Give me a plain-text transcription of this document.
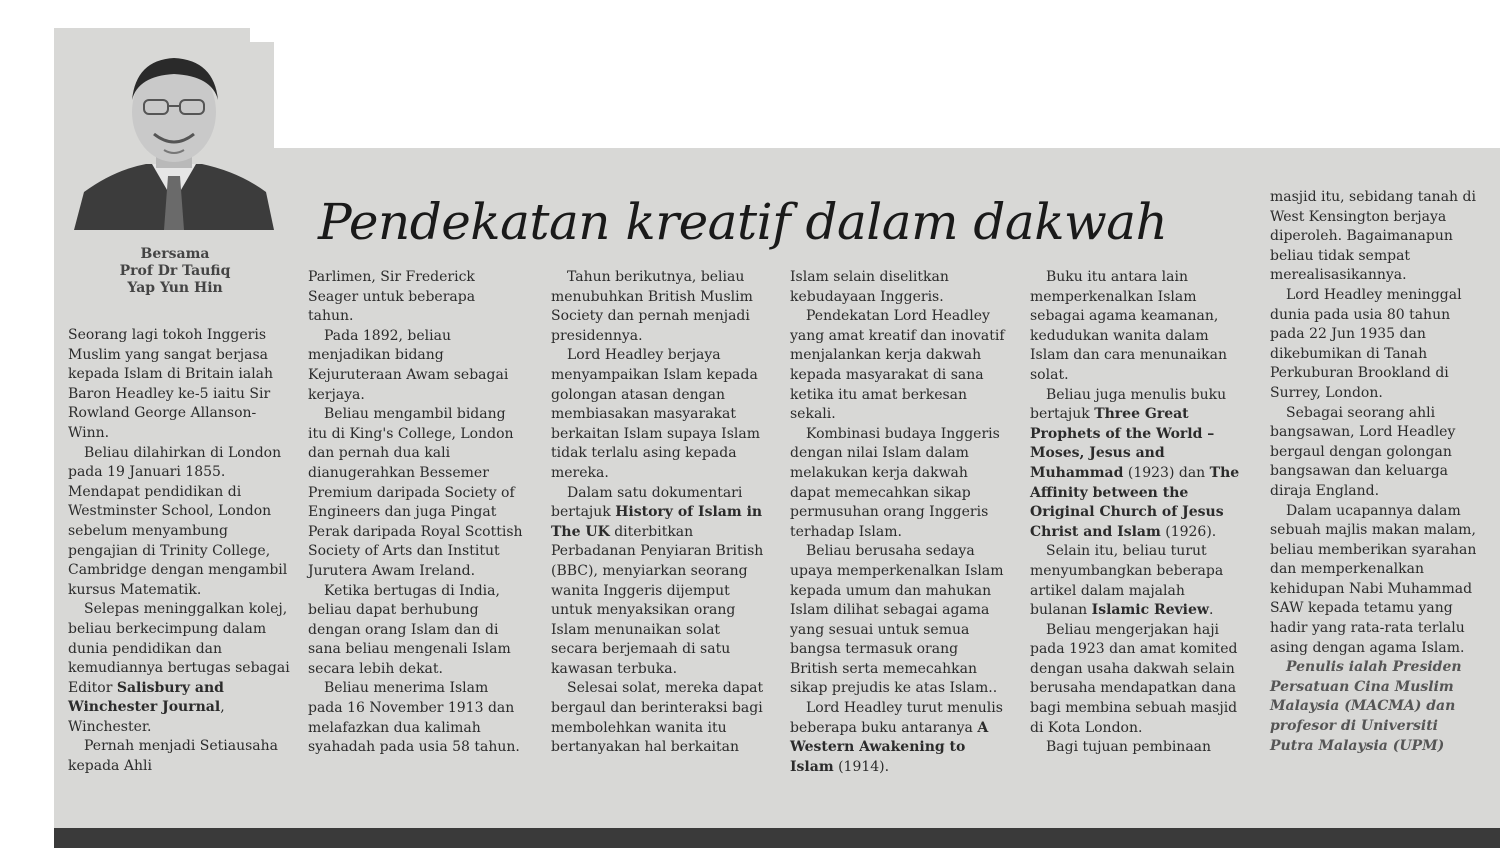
Bersama
Prof Dr Taufiq
Yap Yun Hin
Pendekatan kreatif dalam dakwah

Seorang lagi tokoh Inggeris Muslim yang sangat berjasa kepada Islam di Britain ialah Baron Headley ke-5 iaitu Sir Rowland George Allanson-Winn.

Beliau dilahirkan di London pada 19 Januari 1855. Mendapat pendidikan di Westminster School, London sebelum menyambung pengajian di Trinity College, Cambridge dengan mengambil kursus Matematik.

Selepas meninggalkan kolej, beliau berkecimpung dalam dunia pendidikan dan kemudiannya bertugas sebagai Editor Salisbury and Winchester Journal, Winchester.

Pernah menjadi Setiausaha kepada Ahli

Parlimen, Sir Frederick Seager untuk beberapa tahun.

Pada 1892, beliau menjadikan bidang Kejuruteraan Awam sebagai kerjaya.

Beliau mengambil bidang itu di King's College, London dan pernah dua kali dianugerahkan Bessemer Premium daripada Society of Engineers dan juga Pingat Perak daripada Royal Scottish Society of Arts dan Institut Jurutera Awam Ireland.

Ketika bertugas di India, beliau dapat berhubung dengan orang Islam dan di sana beliau mengenali Islam secara lebih dekat.

Beliau menerima Islam pada 16 November 1913 dan melafazkan dua kalimah syahadah pada usia 58 tahun.

Tahun berikutnya, beliau menubuhkan British Muslim Society dan pernah menjadi presidennya.

Lord Headley berjaya menyampaikan Islam kepada golongan atasan dengan membiasakan masyarakat berkaitan Islam supaya Islam tidak terlalu asing kepada mereka.

Dalam satu dokumentari bertajuk History of Islam in The UK diterbitkan Perbadanan Penyiaran British (BBC), menyiarkan seorang wanita Inggeris dijemput untuk menyaksikan orang Islam menunaikan solat secara berjemaah di satu kawasan terbuka.

Selesai solat, mereka dapat bergaul dan berinteraksi bagi membolehkan wanita itu bertanyakan hal berkaitan

Islam selain diselitkan kebudayaan Inggeris.

Pendekatan Lord Headley yang amat kreatif dan inovatif menjalankan kerja dakwah kepada masyarakat di sana ketika itu amat berkesan sekali.

Kombinasi budaya Inggeris dengan nilai Islam dalam melakukan kerja dakwah dapat memecahkan sikap permusuhan orang Inggeris terhadap Islam.

Beliau berusaha sedaya upaya memperkenalkan Islam kepada umum dan mahukan Islam dilihat sebagai agama yang sesuai untuk semua bangsa termasuk orang British serta memecahkan sikap prejudis ke atas Islam..

Lord Headley turut menulis beberapa buku antaranya A Western Awakening to Islam (1914).

Buku itu antara lain memperkenalkan Islam sebagai agama keamanan, kedudukan wanita dalam Islam dan cara menunaikan solat.

Beliau juga menulis buku bertajuk Three Great Prophets of the World – Moses, Jesus and Muhammad (1923) dan The Affinity between the Original Church of Jesus Christ and Islam (1926).

Selain itu, beliau turut menyumbangkan beberapa artikel dalam majalah bulanan Islamic Review.

Beliau mengerjakan haji pada 1923 dan amat komited dengan usaha dakwah selain berusaha mendapatkan dana bagi membina sebuah masjid di Kota London.

Bagi tujuan pembinaan

masjid itu, sebidang tanah di West Kensington berjaya diperoleh. Bagaimanapun beliau tidak sempat merealisasikannya.

Lord Headley meninggal dunia pada usia 80 tahun pada 22 Jun 1935 dan dikebumikan di Tanah Perkuburan Brookland di Surrey, London.

Sebagai seorang ahli bangsawan, Lord Headley bergaul dengan golongan bangsawan dan keluarga diraja England.

Dalam ucapannya dalam sebuah majlis makan malam, beliau memberikan syarahan dan memperkenalkan kehidupan Nabi Muhammad SAW kepada tetamu yang hadir yang rata-rata terlalu asing dengan agama Islam.

Penulis ialah Presiden Persatuan Cina Muslim Malaysia (MACMA) dan profesor di Universiti Putra Malaysia (UPM)
